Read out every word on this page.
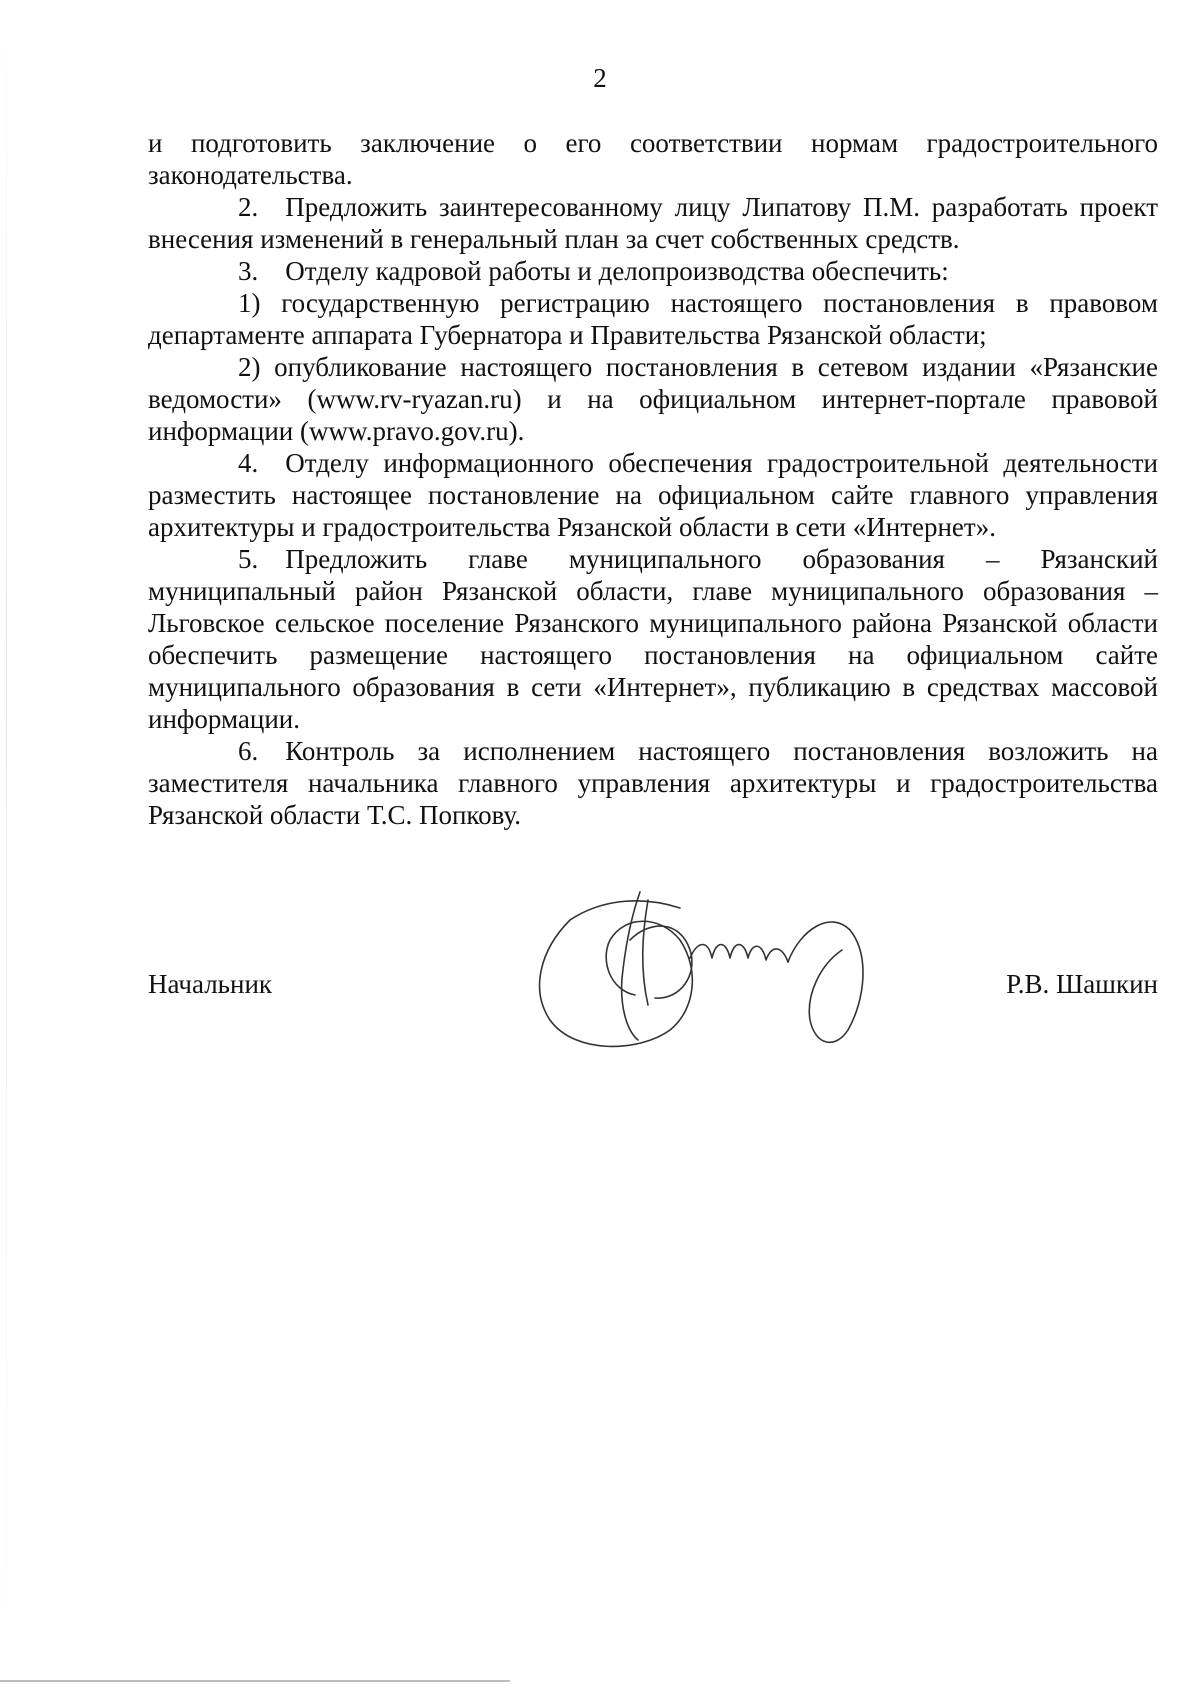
2

и подготовить заключение о его соответствии нормам градостроительного законодательства.

2. Предложить заинтересованному лицу Липатову П.М. разработать проект внесения изменений в генеральный план за счет собственных средств.

3. Отделу кадровой работы и делопроизводства обеспечить:

1) государственную регистрацию настоящего постановления в правовом департаменте аппарата Губернатора и Правительства Рязанской области;

2) опубликование настоящего постановления в сетевом издании «Рязанские ведомости» (www.rv-ryazan.ru) и на официальном интернет-портале правовой информации (www.pravo.gov.ru).

4. Отделу информационного обеспечения градостроительной деятельности разместить настоящее постановление на официальном сайте главного управления архитектуры и градостроительства Рязанской области в сети «Интернет».

5. Предложить главе муниципального образования – Рязанский муниципальный район Рязанской области, главе муниципального образования – Льговское сельское поселение Рязанского муниципального района Рязанской области обеспечить размещение настоящего постановления на официальном сайте муниципального образования в сети «Интернет», публикацию в средствах массовой информации.

6. Контроль за исполнением настоящего постановления возложить на заместителя начальника главного управления архитектуры и градостроительства Рязанской области Т.С. Попкову.

Начальник	Р.В. Шашкин
